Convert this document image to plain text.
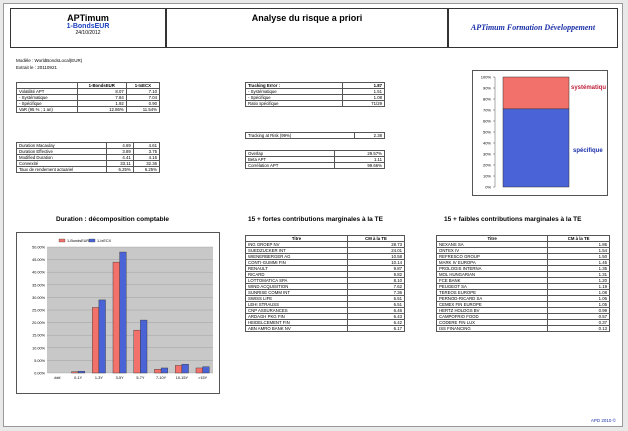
APTimum
1-BondsEUR
24/10/2012
Analyse du risque a priori
APTimum Formation Développement
Modèle : WorldBondsLocal(EUR)
Extrait le : 20110921
	1-BondsEUR	1-IxECX
Volatilité APT	8.07	7.10
- Systématique	7.84	7.04
- Spécifique	1.92	0.90
VaR (95 % ; 1 an)	12.86%	11.54%
Duration Macaulay	4.69	4.61
Duration Effective	3.89	3.75
Modified Duration	4.41	4.15
Convexité	33.11	32.36
Taux de rendement actuariel	6.25%	6.25%
Tracking Error :	1.87
- Systématique	1.51
- Spécifique	1.08
Ratio spécifique	71/29
Tracking at Risk (99%)	2.38
Overlap	29.57%
Beta APT	1.11
Corrélation APT	99.66%
100%
90%
80%
70%
60%
50%
40%
30%
20%
10%
0%
systématiqu
spécifique
Duration : décomposition comptable	15 + fortes contributions marginales à la TE	15 + faibles contributions marginales à la TE
50.00%
45.00%
40.00%
35.00%
30.00%
25.00%
20.00%
15.00%
10.00%
5.00%
0.00%
###	0-1Y	1-3Y	3-5Y	5-7Y	7-10Y	10-15Y	>15Y
1-BondsEUR 1-IxECX	Titre	CM à la TE
ING GROEP NV	28.73
SUEDZUCKER INT	24.01
WIENERBERGER AG	10.58
CONTI-GUMMI FIN	10.14
RENAULT	9.87
RICARD	9.82
LOTTOMATICA SPA	8.10
WIND ACQUISITION	7.62
SUNRISE COMM INT	7.36
SWISS LIFE	6.51
LEHI STRAUSS	6.51
CNP ASSURANCES	6.46
ARDAGH PKG FIN	6.43
HEIDELCEMENT FIN	6.42
ABN AMRO BANK NV	6.17
Titre	CM à la TE
NEXANS SA	1.86
ONTEX IV	1.54
REFRESCO GROUP	1.50
MARK IV EUROPA	1.45
PROLOGIS INTERNA	1.35
MOL HUNGARIAN	1.31
FCE BANK	1.20
PEUGEOT SA	1.19
TEREOS EUROPE	1.08
PERNOD-RICARD SA	1.06
CEMEX FIN EUROPE	1.05
HERTZ HOLDGS BV	0.99
CAMPOFRIO FOOD	0.57
CODERE FIN LUX	0.37
ISS FINANCING	0.13
APD 2010 ©
